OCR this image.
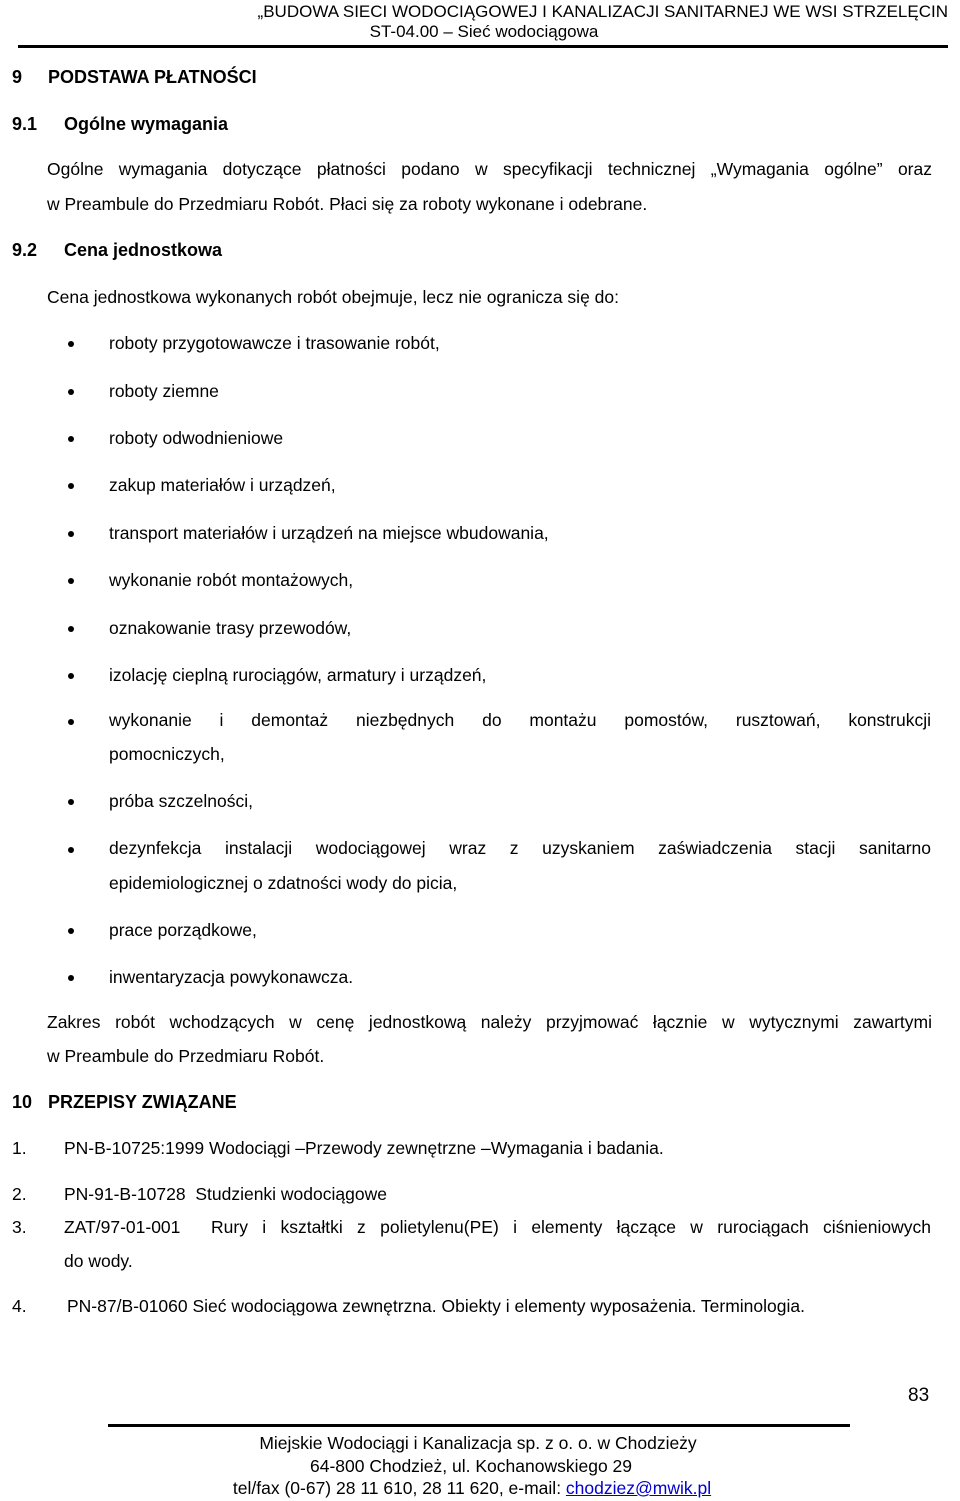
„BUDOWA SIECI WODOCIĄGOWEJ I KANALIZACJI SANITARNEJ WE WSI STRZELĘCIN
ST-04.00 – Sieć wodociągowa
9 PODSTAWA PŁATNOŚCI
9.1 Ogólne wymagania
Ogólne wymagania dotyczące płatności podano w specyfikacji technicznej „Wymagania ogólne” oraz
w Preambule do Przedmiaru Robót. Płaci się za roboty wykonane i odebrane.
9.2 Cena jednostkowa
Cena jednostkowa wykonanych robót obejmuje, lecz nie ogranicza się do:
roboty przygotowawcze i trasowanie robót,
roboty ziemne
roboty odwodnieniowe
zakup materiałów i urządzeń,
transport materiałów i urządzeń na miejsce wbudowania,
wykonanie robót montażowych,
oznakowanie trasy przewodów,
izolację cieplną rurociągów, armatury i urządzeń,
wykonanie i demontaż niezbędnych do montażu pomostów, rusztowań, konstrukcji
pomocniczych,
próba szczelności,
dezynfekcja instalacji wodociągowej wraz z uzyskaniem zaświadczenia stacji sanitarno
epidemiologicznej o zdatności wody do picia,
prace porządkowe,
inwentaryzacja powykonawcza.
Zakres robót wchodzących w cenę jednostkową należy przyjmować łącznie w wytycznymi zawartymi
w Preambule do Przedmiaru Robót.
10 PRZEPISY ZWIĄZANE
1. PN-B-10725:1999 Wodociągi –Przewody zewnętrzne –Wymagania i badania.
2. PN-91-B-10728  Studzienki wodociągowe
3. ZAT/97-01-001 Rury i kształtki z polietylenu(PE) i elementy łączące w rurociągach ciśnieniowych
do wody.
4. PN-87/B-01060 Sieć wodociągowa zewnętrzna. Obiekty i elementy wyposażenia. Terminologia.
83
Miejskie Wodociągi i Kanalizacja sp. z o. o. w Chodzieży
64-800 Chodzież, ul. Kochanowskiego 29
tel/fax (0-67) 28 11 610, 28 11 620, e-mail: chodziez@mwik.pl
